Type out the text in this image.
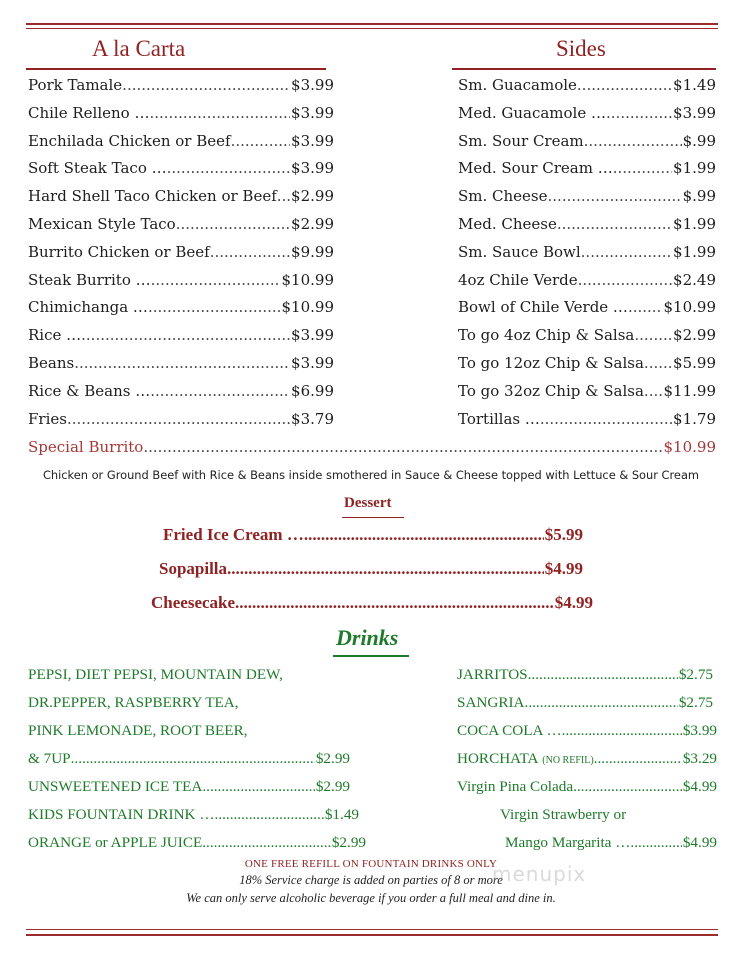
A la Carta	Sides
Pork Tamale .....	$3.99
Chile Relleno … .....	$3.99
Enchilada Chicken or Beef .....	$3.99
Soft Steak Taco … .....	$3.99
Hard Shell Taco Chicken or Beef ..... $2.99
Mexican Style Taco .....	$2.99
Burrito Chicken or Beef .....	$9.99
Steak Burrito … .....	$10.99
Chimichanga … .....	$10.99
Rice … .....	$3.99
Beans .....	$3.99
Rice & Beans … .....	$6.99
Fries .....	$3.79
Sm. Guacamole .....	$1.49
Med. Guacamole … .....	$3.99
Sm. Sour Cream .....	$.99
Med. Sour Cream … .....	$1.99
Sm. Cheese .....	$.99
Med. Cheese .....	$1.99
Sm. Sauce Bowl .....	$1.99
4oz Chile Verde .....	$2.49
Bowl of Chile Verde … ..... $10.99
To go 4oz Chip & Salsa .....	$2.99
To go 12oz Chip & Salsa ..... $5.99
To go 32oz Chip & Salsa ..... $11.99
Tortillas … .....	$1.79
Special Burrito .....	$10.99
Chicken or Ground Beef with Rice & Beans inside smothered in Sauce & Cheese topped with Lettuce & Sour Cream
Dessert
Fried Ice Cream … .....	$5.99
Sopapilla .....	$4.99
Cheesecake .....	$4.99
Drinks
PEPSI, DIET PEPSI, MOUNTAIN DEW,
DR.PEPPER, RASPBERRY TEA,
PINK LEMONADE, ROOT BEER,
& 7UP .....	$2.99
UNSWEETENED ICE TEA .....	$2.99
KIDS FOUNTAIN DRINK … .....	$1.49
ORANGE or APPLE JUICE .....	$2.99
JARRITOS .....	$2.75
SANGRIA .....	$2.75
COCA COLA … .....	$3.99
HORCHATA
(NO REFIL) .....	$3.29
Virgin Pina Colada .....	$4.99
Virgin Strawberry or
Mango Margarita … .....	$4.99
ONE FREE REFILL ON FOUNTAIN DRINKS ONLY
18% Service charge is added on parties of 8 or more
We can only serve alcoholic beverage if you order a full meal and dine in.
menupix
